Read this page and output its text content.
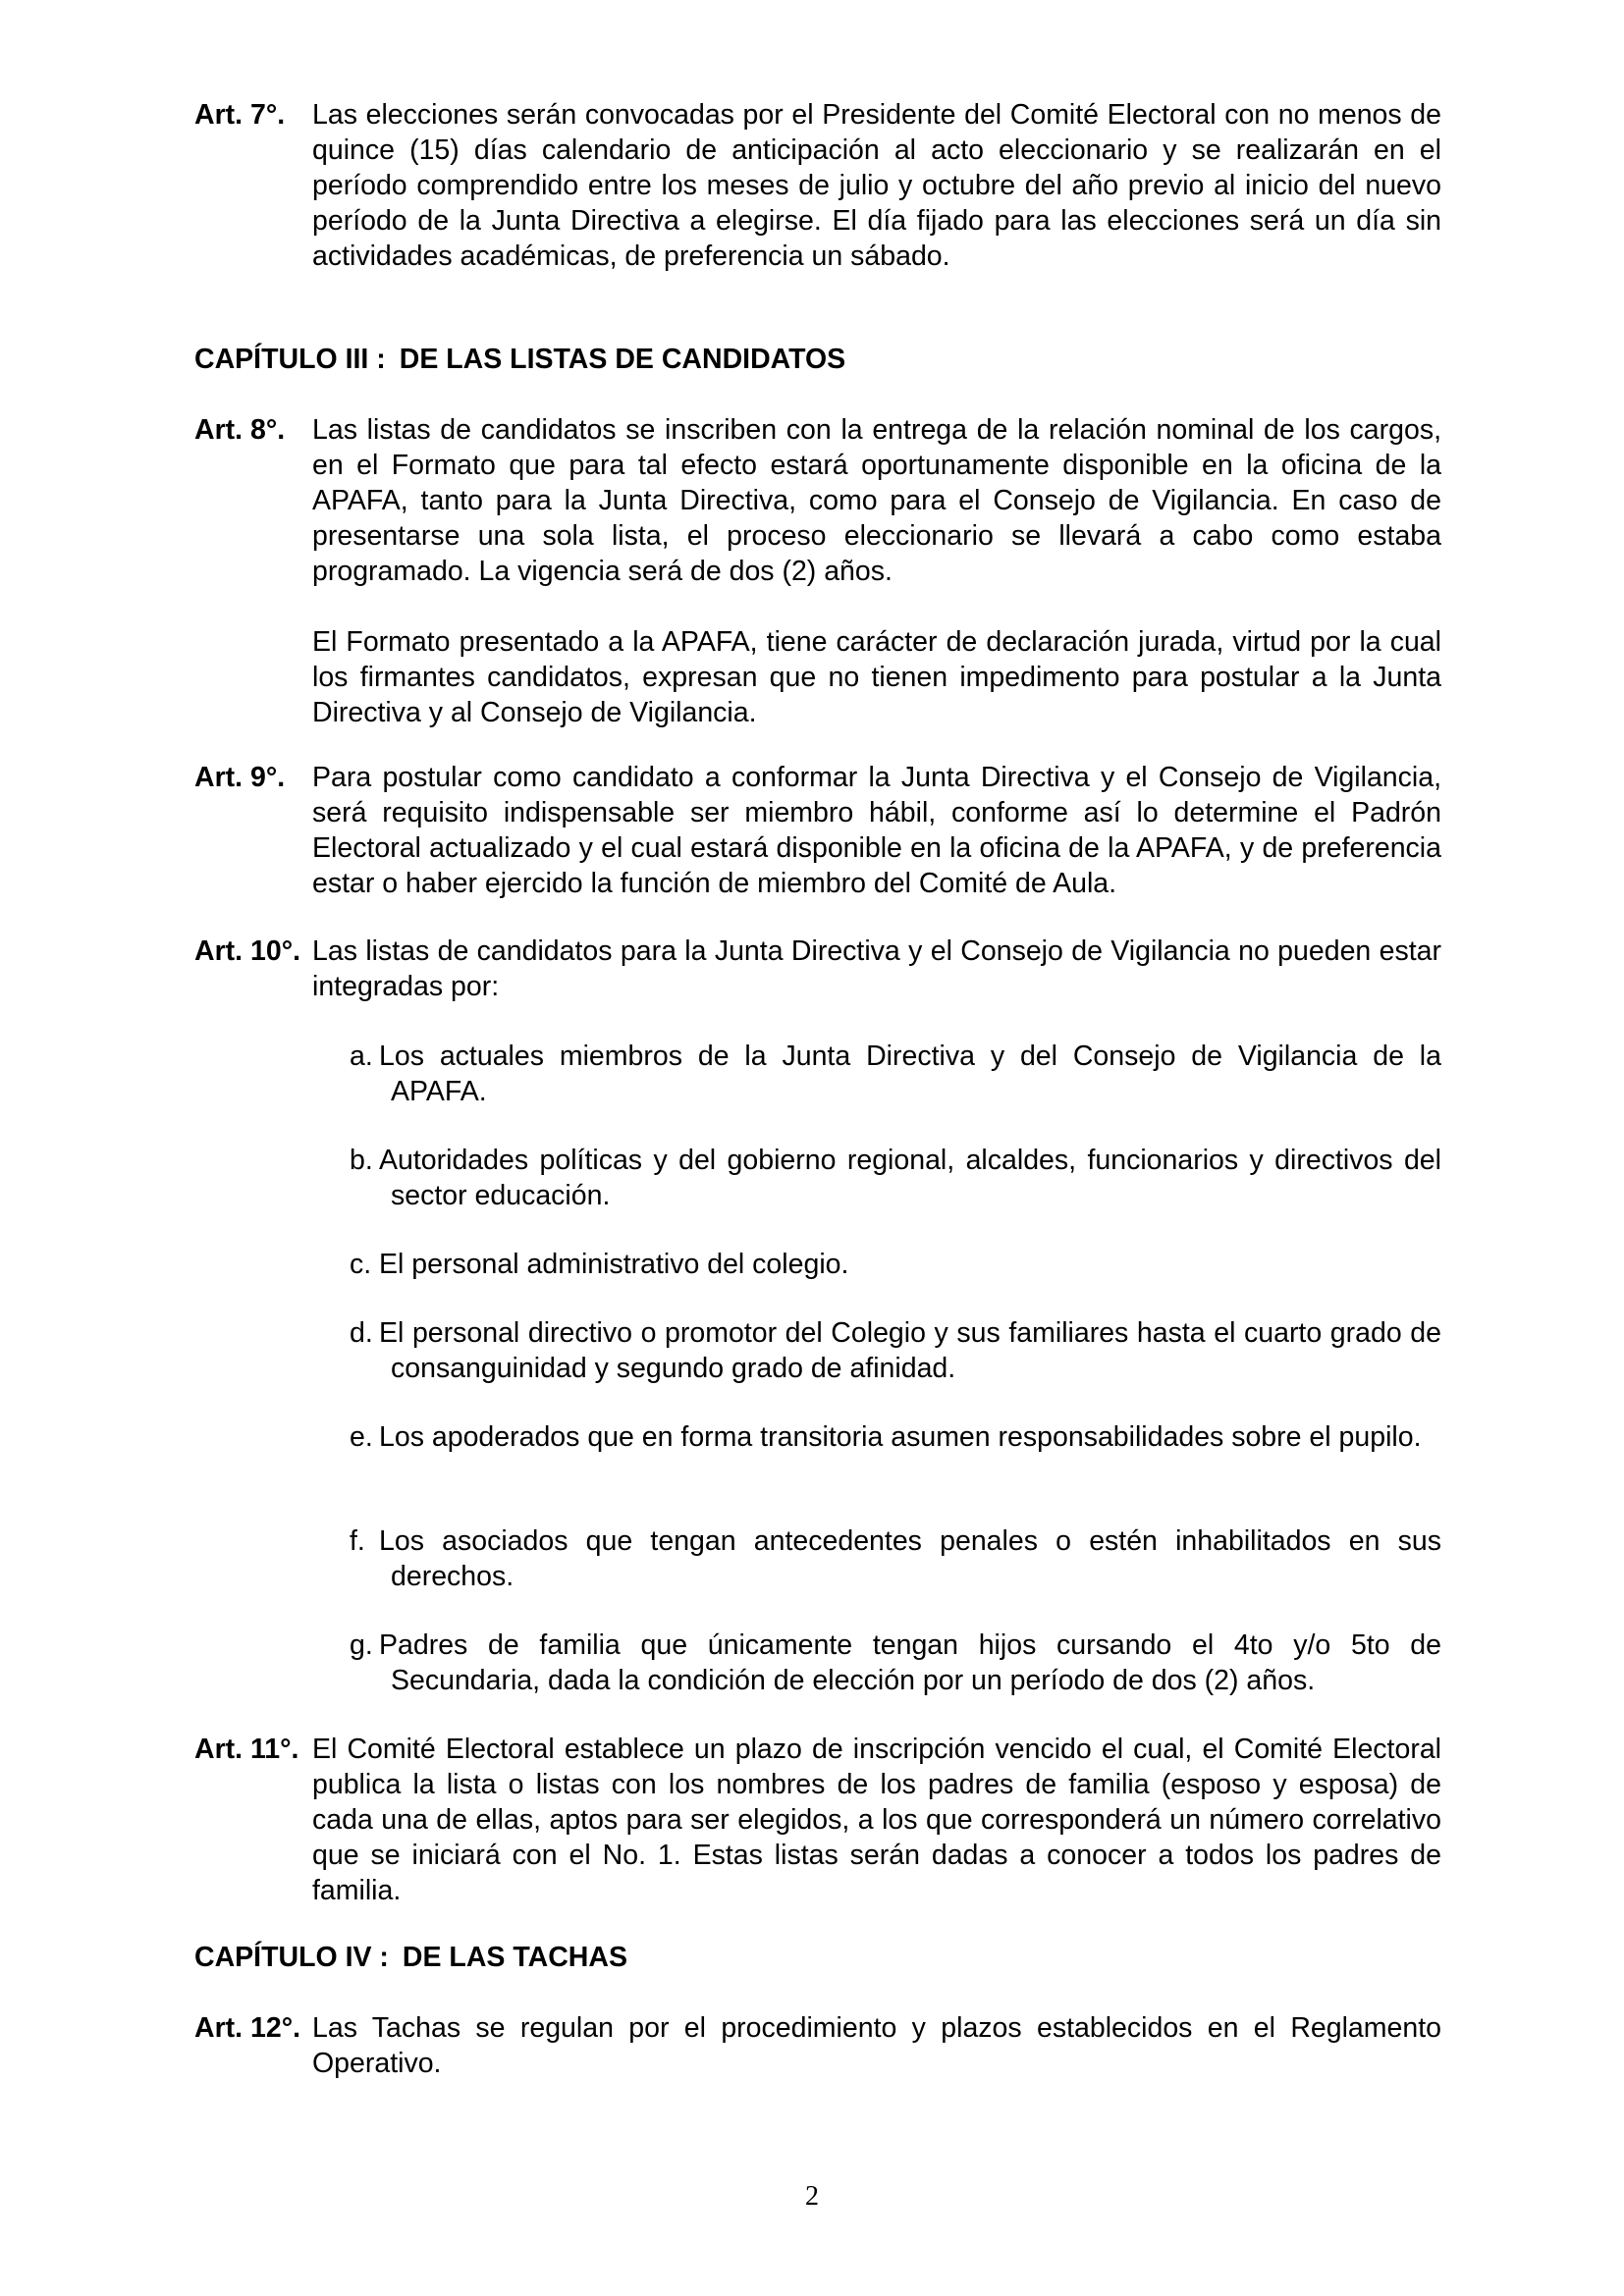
Art. 7°. Las elecciones serán convocadas por el Presidente del Comité Electoral con no menos de quince (15) días calendario de anticipación al acto eleccionario y se realizarán en el período comprendido entre los meses de julio y octubre del año previo al inicio del nuevo período de la Junta Directiva a elegirse. El día fijado para las elecciones será un día sin actividades académicas, de preferencia un sábado.
CAPÍTULO III : DE LAS LISTAS DE CANDIDATOS
Art. 8°. Las listas de candidatos se inscriben con la entrega de la relación nominal de los cargos, en el Formato que para tal efecto estará oportunamente disponible en la oficina de la APAFA, tanto para la Junta Directiva, como para el Consejo de Vigilancia. En caso de presentarse una sola lista, el proceso eleccionario se llevará a cabo como estaba programado. La vigencia será de dos (2) años.
El Formato presentado a la APAFA, tiene carácter de declaración jurada, virtud por la cual los firmantes candidatos, expresan que no tienen impedimento para postular a la Junta Directiva y al Consejo de Vigilancia.
Art. 9°. Para postular como candidato a conformar la Junta Directiva y el Consejo de Vigilancia, será requisito indispensable ser miembro hábil, conforme así lo determine el Padrón Electoral actualizado y el cual estará disponible en la oficina de la APAFA, y de preferencia estar o haber ejercido la función de miembro del Comité de Aula.
Art. 10°. Las listas de candidatos para la Junta Directiva y el Consejo de Vigilancia no pueden estar integradas por:
a. Los actuales miembros de la Junta Directiva y del Consejo de Vigilancia de la APAFA.
b. Autoridades políticas y del gobierno regional, alcaldes, funcionarios y directivos del sector educación.
c. El personal administrativo del colegio.
d. El personal directivo o promotor del Colegio y sus familiares hasta el cuarto grado de consanguinidad y segundo grado de afinidad.
e. Los apoderados que en forma transitoria asumen responsabilidades sobre el pupilo.
f. Los asociados que tengan antecedentes penales o estén inhabilitados en sus derechos.
g. Padres de familia que únicamente tengan hijos cursando el 4to y/o 5to de Secundaria, dada la condición de elección por un período de dos (2) años.
Art. 11°. El Comité Electoral establece un plazo de inscripción vencido el cual, el Comité Electoral publica la lista o listas con los nombres de los padres de familia (esposo y esposa) de cada una de ellas, aptos para ser elegidos, a los que corresponderá un número correlativo que se iniciará con el No. 1. Estas listas serán dadas a conocer a todos los padres de familia.
CAPÍTULO IV : DE LAS TACHAS
Art. 12°. Las Tachas se regulan por el procedimiento y plazos establecidos en el Reglamento Operativo.
2
